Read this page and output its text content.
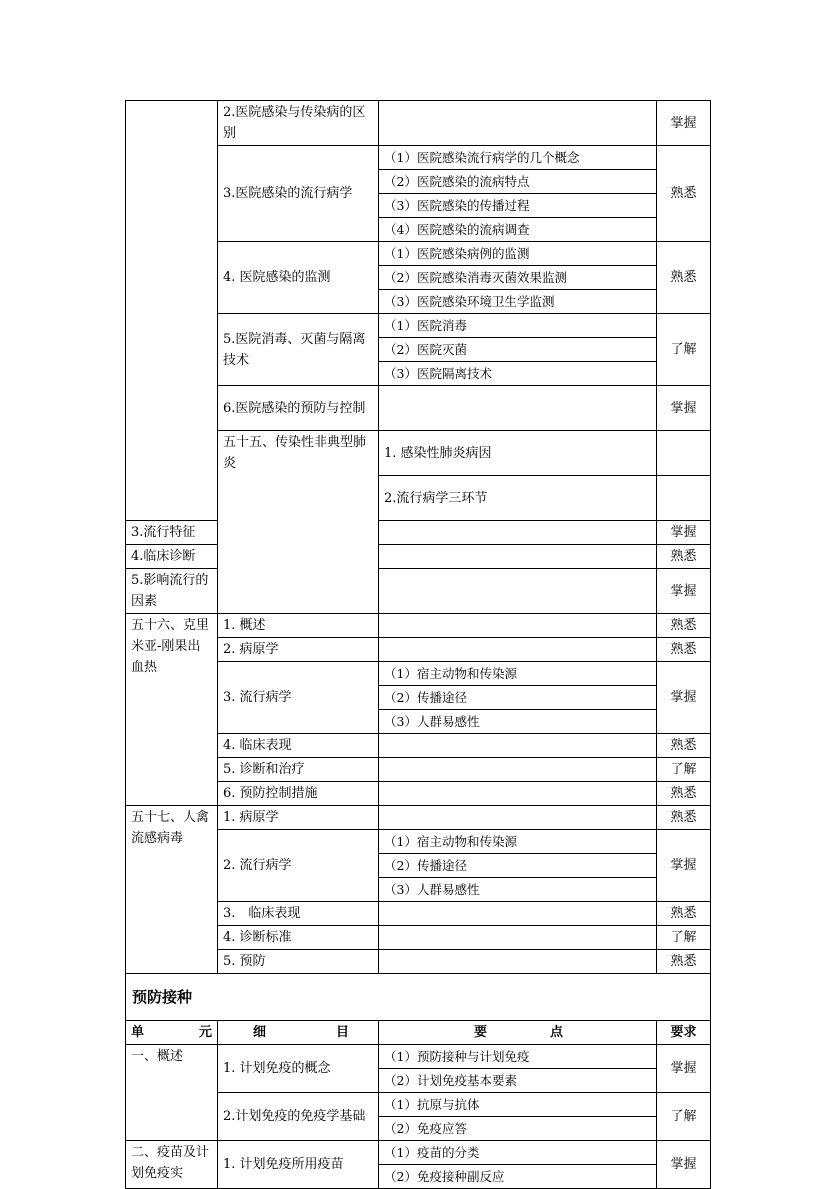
	2.医院感染与传染病的区别		掌握	
	3.医院感染的流行病学	（1）医院感染流行病学的几个概念	熟悉	
		（2）医院感染的流病特点		
		（3）医院感染的传播过程		
		（4）医院感染的流病调查		
	4. 医院感染的监测	（1）医院感染病例的监测	熟悉	
		（2）医院感染消毒灭菌效果监测		
		（3）医院感染环境卫生学监测		
	5.医院消毒、灭菌与隔离技术	（1）医院消毒	了解	
		（2）医院灭菌		
		（3）医院隔离技术		
	6.医院感染的预防与控制		掌握	
	五十五、传染性非典型肺炎	1. 感染性肺炎病因		
		2.流行病学三环节		
3.流行特征			掌握	
4.临床诊断			熟悉	
5.影响流行的因素			掌握	
五十六、克里米亚-刚果出血热	1. 概述		熟悉	
	2. 病原学		熟悉	
	3. 流行病学	（1）宿主动物和传染源	掌握	
		（2）传播途径		
		（3）人群易感性		
	4. 临床表现		熟悉	
	5. 诊断和治疗		了解	
	6. 预防控制措施		熟悉	
五十七、人禽流感病毒	1. 病原学		熟悉	
	2. 流行病学	（1）宿主动物和传染源	掌握	
		（2）传播途径		
		（3）人群易感性		
	3.　临床表现		熟悉	
	4. 诊断标准		了解	
	5. 预防		熟悉	
预防接种				

单 元	细 目	要 点	要求	
一、概述	1. 计划免疫的概念	（1）预防接种与计划免疫	掌握	
		（2）计划免疫基本要素		
	2.计划免疫的免疫学基础	（1）抗原与抗体	了解	
		（2）免疫应答		
二、疫苗及计划免疫实	1. 计划免疫所用疫苗	（1）疫苗的分类	掌握	
		（2）免疫接种副反应		
